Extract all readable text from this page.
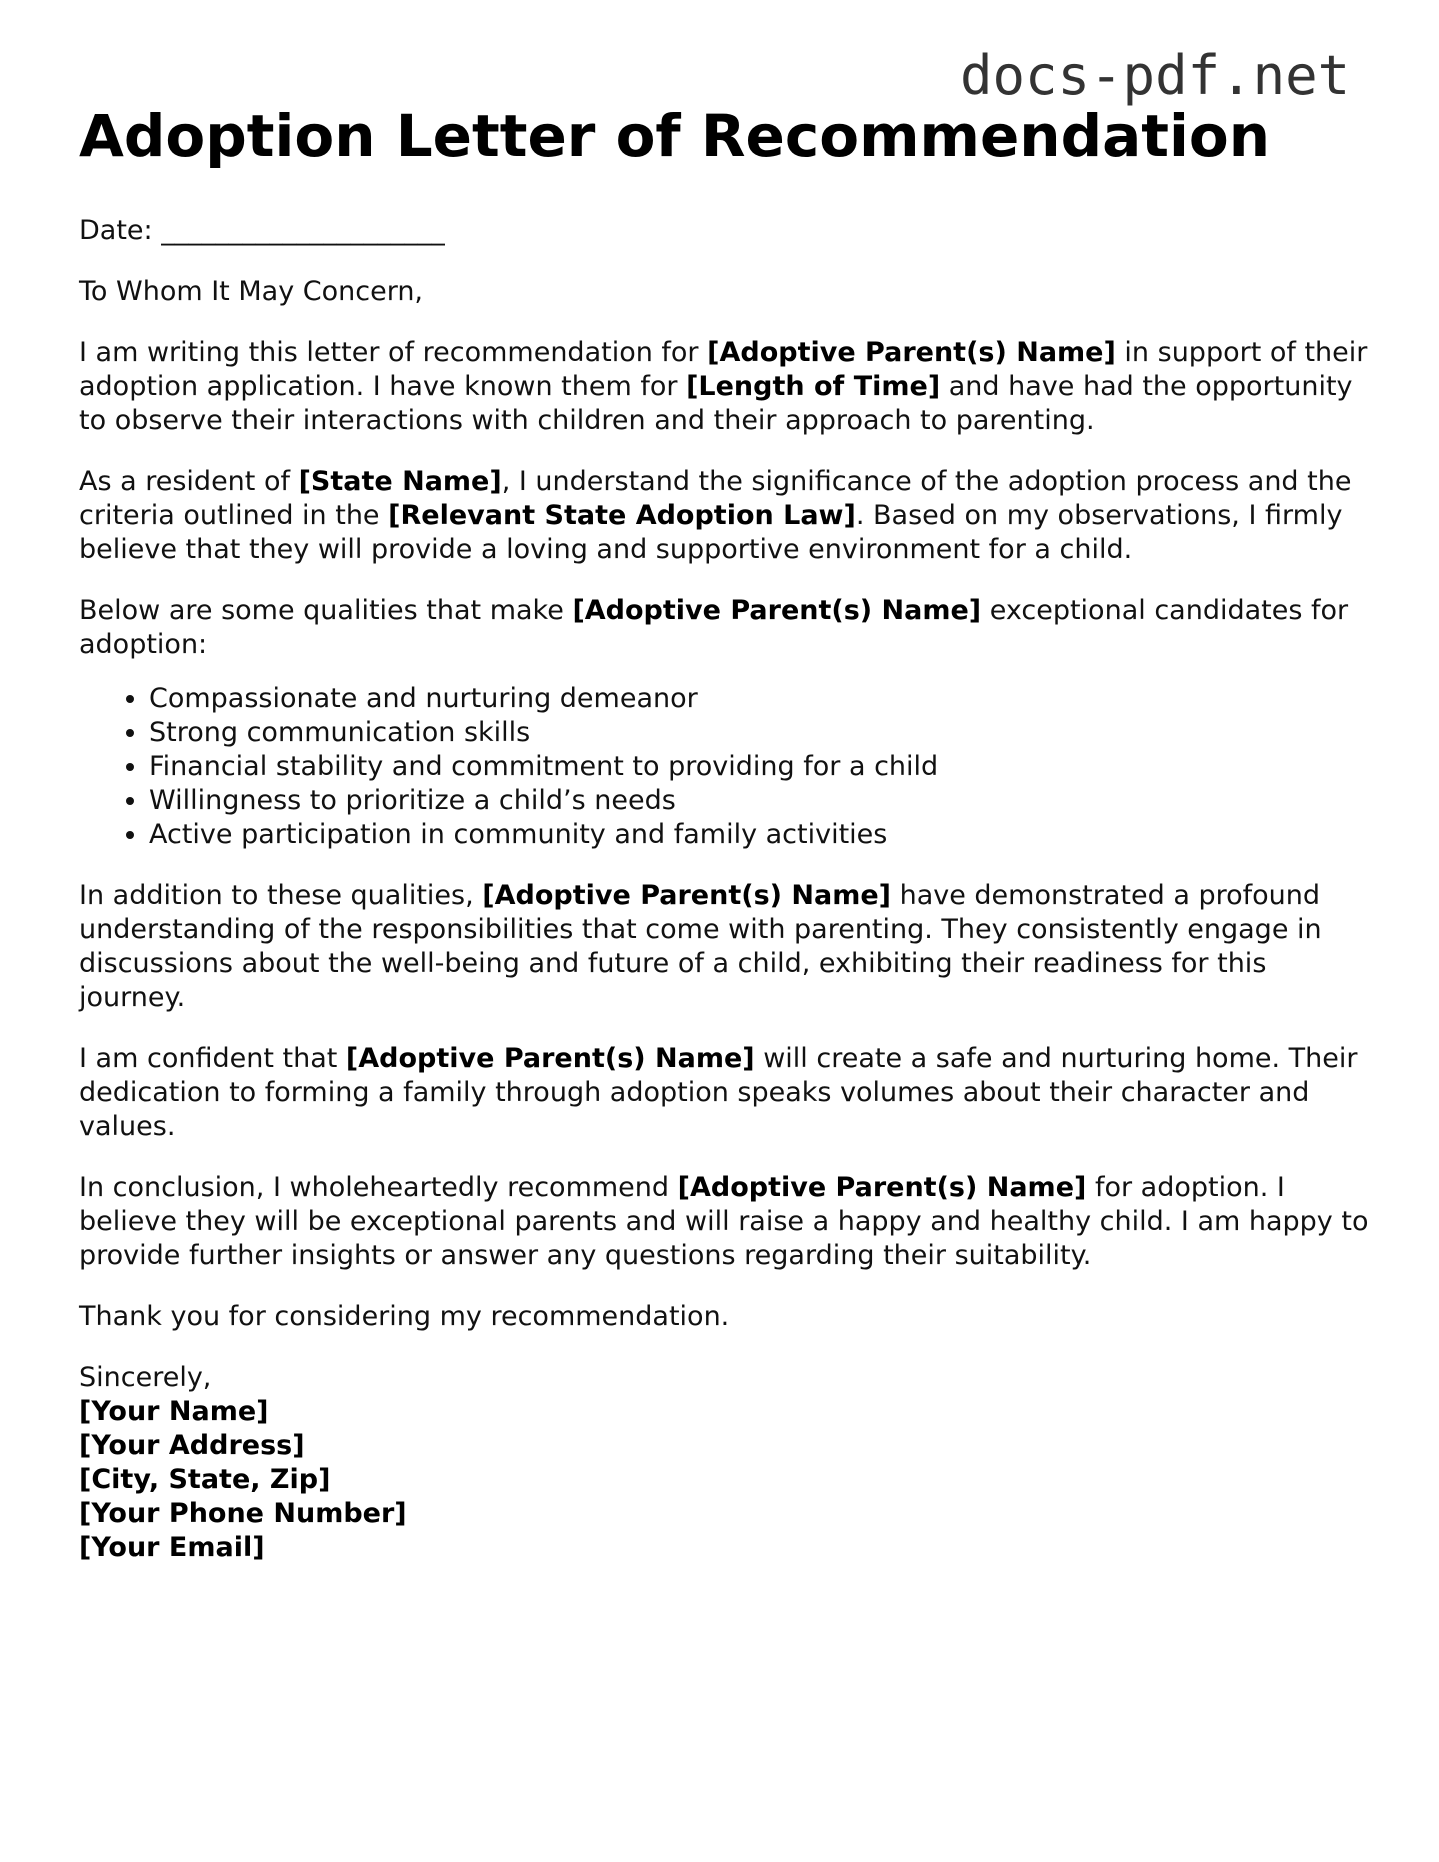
docs-pdf.net
Adoption Letter of Recommendation

Date: _____________________

To Whom It May Concern,

I am writing this letter of recommendation for [Adoptive Parent(s) Name] in support of their adoption application. I have known them for [Length of Time] and have had the opportunity to observe their interactions with children and their approach to parenting.

As a resident of [State Name], I understand the significance of the adoption process and the criteria outlined in the [Relevant State Adoption Law]. Based on my observations, I firmly believe that they will provide a loving and supportive environment for a child.

Below are some qualities that make [Adoptive Parent(s) Name] exceptional candidates for adoption:

• Compassionate and nurturing demeanor
• Strong communication skills
• Financial stability and commitment to providing for a child
• Willingness to prioritize a child’s needs
• Active participation in community and family activities

In addition to these qualities, [Adoptive Parent(s) Name] have demonstrated a profound understanding of the responsibilities that come with parenting. They consistently engage in discussions about the well-being and future of a child, exhibiting their readiness for this journey.

I am confident that [Adoptive Parent(s) Name] will create a safe and nurturing home. Their dedication to forming a family through adoption speaks volumes about their character and values.

In conclusion, I wholeheartedly recommend [Adoptive Parent(s) Name] for adoption. I believe they will be exceptional parents and will raise a happy and healthy child. I am happy to provide further insights or answer any questions regarding their suitability.

Thank you for considering my recommendation.

Sincerely,
[Your Name]
[Your Address]
[City, State, Zip]
[Your Phone Number]
[Your Email]
